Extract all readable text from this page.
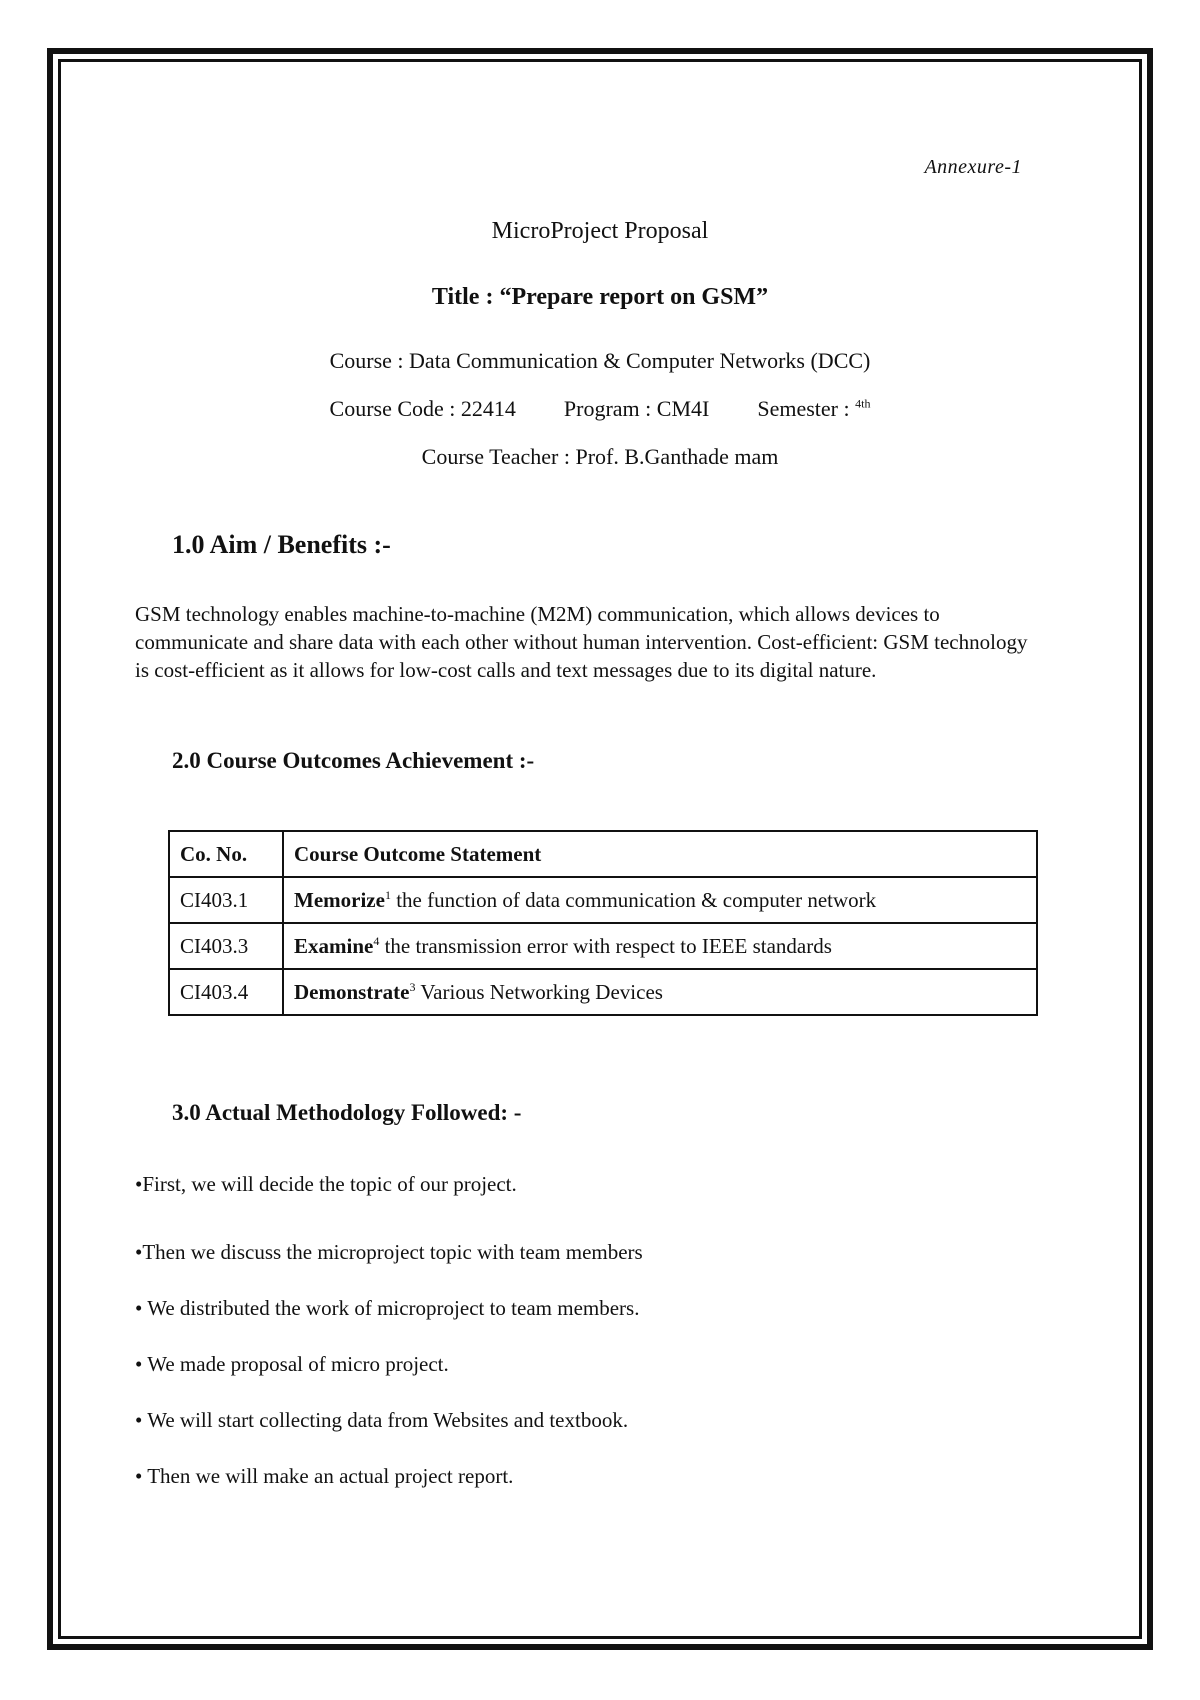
Annexure-1
MicroProject Proposal
Title : “Prepare report on GSM”
Course : Data Communication & Computer Networks (DCC)
Course Code : 22414 Program : CM4I Semester : $^{4th}$
Course Teacher : Prof. B.Ganthade mam
1.0 Aim / Benefits :-
GSM technology enables machine-to-machine (M2M) communication, which allows devices to communicate and share data with each other without human intervention. Cost-efficient: GSM technology is cost-efficient as it allows for low-cost calls and text messages due to its digital nature.
2.0 Course Outcomes Achievement :-
Co. No.	Course Outcome Statement
CI403.1	Memorize$^1$ the function of data communication & computer network
CI403.3	Examine$^4$ the transmission error with respect to IEEE standards
CI403.4	Demonstrate$^3$ Various Networking Devices
3.0 Actual Methodology Followed: -
•First, we will decide the topic of our project.
•Then we discuss the microproject topic with team members
• We distributed the work of microproject to team members.
• We made proposal of micro project.
• We will start collecting data from Websites and textbook.
• Then we will make an actual project report.
